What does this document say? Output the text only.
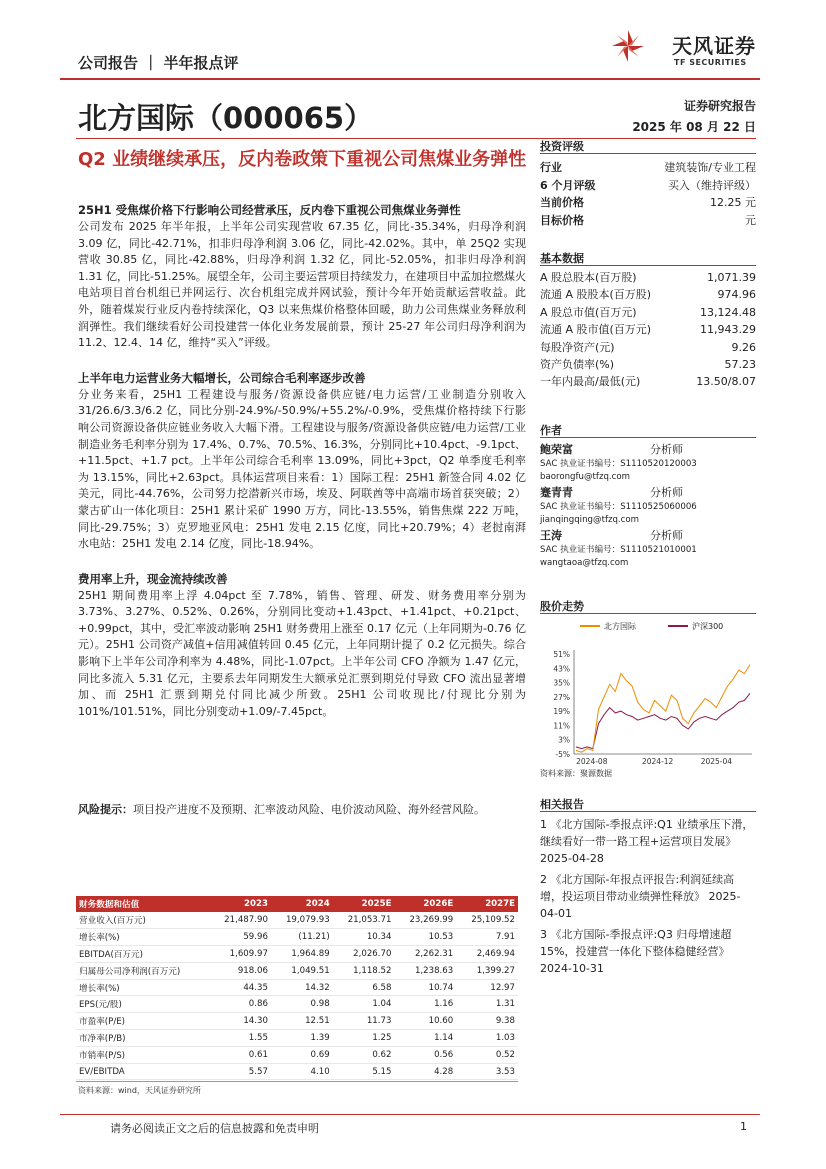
公司报告 ｜ 半年报点评
天风证券
TF SECURITIES
北方国际（000065）	证券研究报告
2025 年 08 月 22 日
Q2 业绩继续承压，反内卷政策下重视公司焦煤业务弹性
25H1 受焦煤价格下行影响公司经营承压，反内卷下重视公司焦煤业务弹性
公司发布 2025 年半年报，上半年公司实现营收 67.35 亿，同比-35.34%，归母净利润 3.09 亿，同比-42.71%，扣非归母净利润 3.06 亿，同比-42.02%。其中，单 25Q2 实现营收 30.85 亿，同比-42.88%，归母净利润 1.32 亿，同比-52.05%，扣非归母净利润 1.31 亿，同比-51.25%。展望全年，公司主要运营项目持续发力，在建项目中孟加拉燃煤火电站项目首台机组已并网运行、次台机组完成并网试验，预计今年开始贡献运营收益。此外，随着煤炭行业反内卷持续深化，Q3 以来焦煤价格整体回暖，助力公司焦煤业务释放利润弹性。我们继续看好公司投建营一体化业务发展前景，预计 25-27 年公司归母净利润为 11.2、12.4、14 亿，维持“买入”评级。
上半年电力运营业务大幅增长，公司综合毛利率逐步改善
分业务来看，25H1 工程建设与服务/资源设备供应链/电力运营/工业制造分别收入 31/26.6/3.3/6.2 亿，同比分别-24.9%/-50.9%/+55.2%/-0.9%，受焦煤价格持续下行影响公司资源设备供应链业务收入大幅下滑。工程建设与服务/资源设备供应链/电力运营/工业制造业务毛利率分别为 17.4%、0.7%、70.5%、16.3%，分别同比+10.4pct、-9.1pct、+11.5pct、+1.7 pct。上半年公司综合毛利率 13.09%，同比+3pct，Q2 单季度毛利率为 13.15%，同比+2.63pct。具体运营项目来看：1）国际工程：25H1 新签合同 4.02 亿美元，同比-44.76%，公司努力挖潜新兴市场，埃及、阿联酋等中高端市场首获突破；2）蒙古矿山一体化项目：25H1 累计采矿 1990 万方，同比-13.55%，销售焦煤 222 万吨，同比-29.75%；3）克罗地亚风电：25H1 发电 2.15 亿度，同比+20.79%；4）老挝南湃水电站：25H1 发电 2.14 亿度，同比-18.94%。
费用率上升，现金流持续改善
25H1 期间费用率上浮 4.04pct 至 7.78%，销售、管理、研发、财务费用率分别为 3.73%、3.27%、0.52%、0.26%，分别同比变动+1.43pct、+1.41pct、+0.21pct、+0.99pct，其中，受汇率波动影响 25H1 财务费用上涨至 0.17 亿元（上年同期为-0.76 亿元）。25H1 公司资产减值+信用减值转回 0.45 亿元，上年同期计提了 0.2 亿元损失。综合影响下上半年公司净利率为 4.48%，同比-1.07pct。上半年公司 CFO 净额为 1.47 亿元，同比多流入 5.31 亿元，主要系去年同期发生大额承兑汇票到期兑付导致 CFO 流出显著增加、而 25H1 汇票到期兑付同比减少所致。25H1 公司收现比/付现比分别为 101%/101.51%，同比分别变动+1.09/-7.45pct。
风险提示：项目投产进度不及预期、汇率波动风险、电价波动风险、海外经营风险。
财务数据和估值	2023	2024	2025E	2026E	2027E
营业收入(百万元)	21,487.90	19,079.93	21,053.71	23,269.99	25,109.52
增长率(%)	59.96	(11.21)	10.34	10.53	7.91
EBITDA(百万元)	1,609.97	1,964.89	2,026.70	2,262.31	2,469.94
归属母公司净利润(百万元)	918.06	1,049.51	1,118.52	1,238.63	1,399.27
增长率(%)	44.35	14.32	6.58	10.74	12.97
EPS(元/股)	0.86	0.98	1.04	1.16	1.31
市盈率(P/E)	14.30	12.51	11.73	10.60	9.38
市净率(P/B)	1.55	1.39	1.25	1.14	1.03
市销率(P/S)	0.61	0.69	0.62	0.56	0.52
EV/EBITDA	5.57	4.10	5.15	4.28	3.53
资料来源：wind，天风证券研究所
投资评级
行业	建筑装饰/专业工程
6 个月评级	买入（维持评级）
当前价格	12.25 元
目标价格	元
基本数据
A 股总股本(百万股)	1,071.39
流通 A 股股本(百万股)	974.96
A 股总市值(百万元)	13,124.48
流通 A 股市值(百万元)	11,943.29
每股净资产(元)	9.26
资产负债率(%)	57.23
一年内最高/最低(元)	13.50/8.07
作者
鲍荣富	分析师
SAC 执业证书编号：S1110520120003
baorongfu@tfzq.com
蹇青青	分析师
SAC 执业证书编号：S1110525060006
jianqingqing@tfzq.com
王涛	分析师
SAC 执业证书编号：S1110521010001
wangtaoa@tfzq.com
股价走势
北方国际	沪深300
51%
43%
35%
27%
19%
11%
3%
-5%
2024-08	2024-12	2025-04
资料来源：聚源数据
相关报告
1 《北方国际-季报点评:Q1 业绩承压下滑，继续看好一带一路工程+运营项目发展》 2025-04-28
2 《北方国际-年报点评报告:利润延续高增，投运项目带动业绩弹性释放》 2025-04-01
3 《北方国际-季报点评:Q3 归母增速超 15%，投建营一体化下整体稳健经营》 2024-10-31
请务必阅读正文之后的信息披露和免责申明	1
